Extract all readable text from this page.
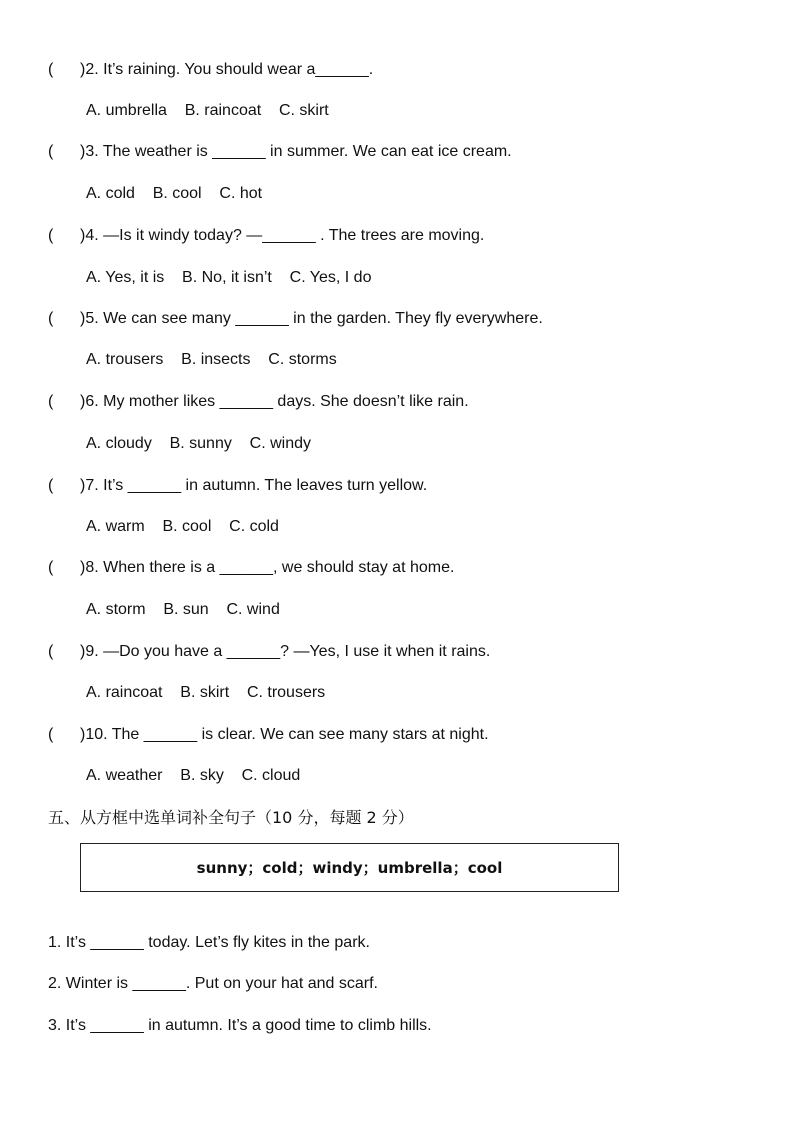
(      )2. It’s raining. You should wear a______.
A. umbrella    B. raincoat    C. skirt
(      )3. The weather is ______ in summer. We can eat ice cream.
A. cold    B. cool    C. hot
(      )4. —Is it windy today? —______ . The trees are moving.
A. Yes, it is    B. No, it isn’t    C. Yes, I do
(      )5. We can see many ______ in the garden. They fly everywhere.
A. trousers    B. insects    C. storms
(      )6. My mother likes ______ days. She doesn’t like rain.
A. cloudy    B. sunny    C. windy
(      )7. It’s ______ in autumn. The leaves turn yellow.
A. warm    B. cool    C. cold
(      )8. When there is a ______, we should stay at home.
A. storm    B. sun    C. wind
(      )9. —Do you have a ______? —Yes, I use it when it rains.
A. raincoat    B. skirt    C. trousers
(      )10. The ______ is clear. We can see many stars at night.
A. weather    B. sky    C. cloud
五、从方框中选单词补全句子（10 分，每题 2 分）
sunny；cold；windy；umbrella；cool
1. It’s ______ today. Let’s fly kites in the park.
2. Winter is ______. Put on your hat and scarf.
3. It’s ______ in autumn. It’s a good time to climb hills.
